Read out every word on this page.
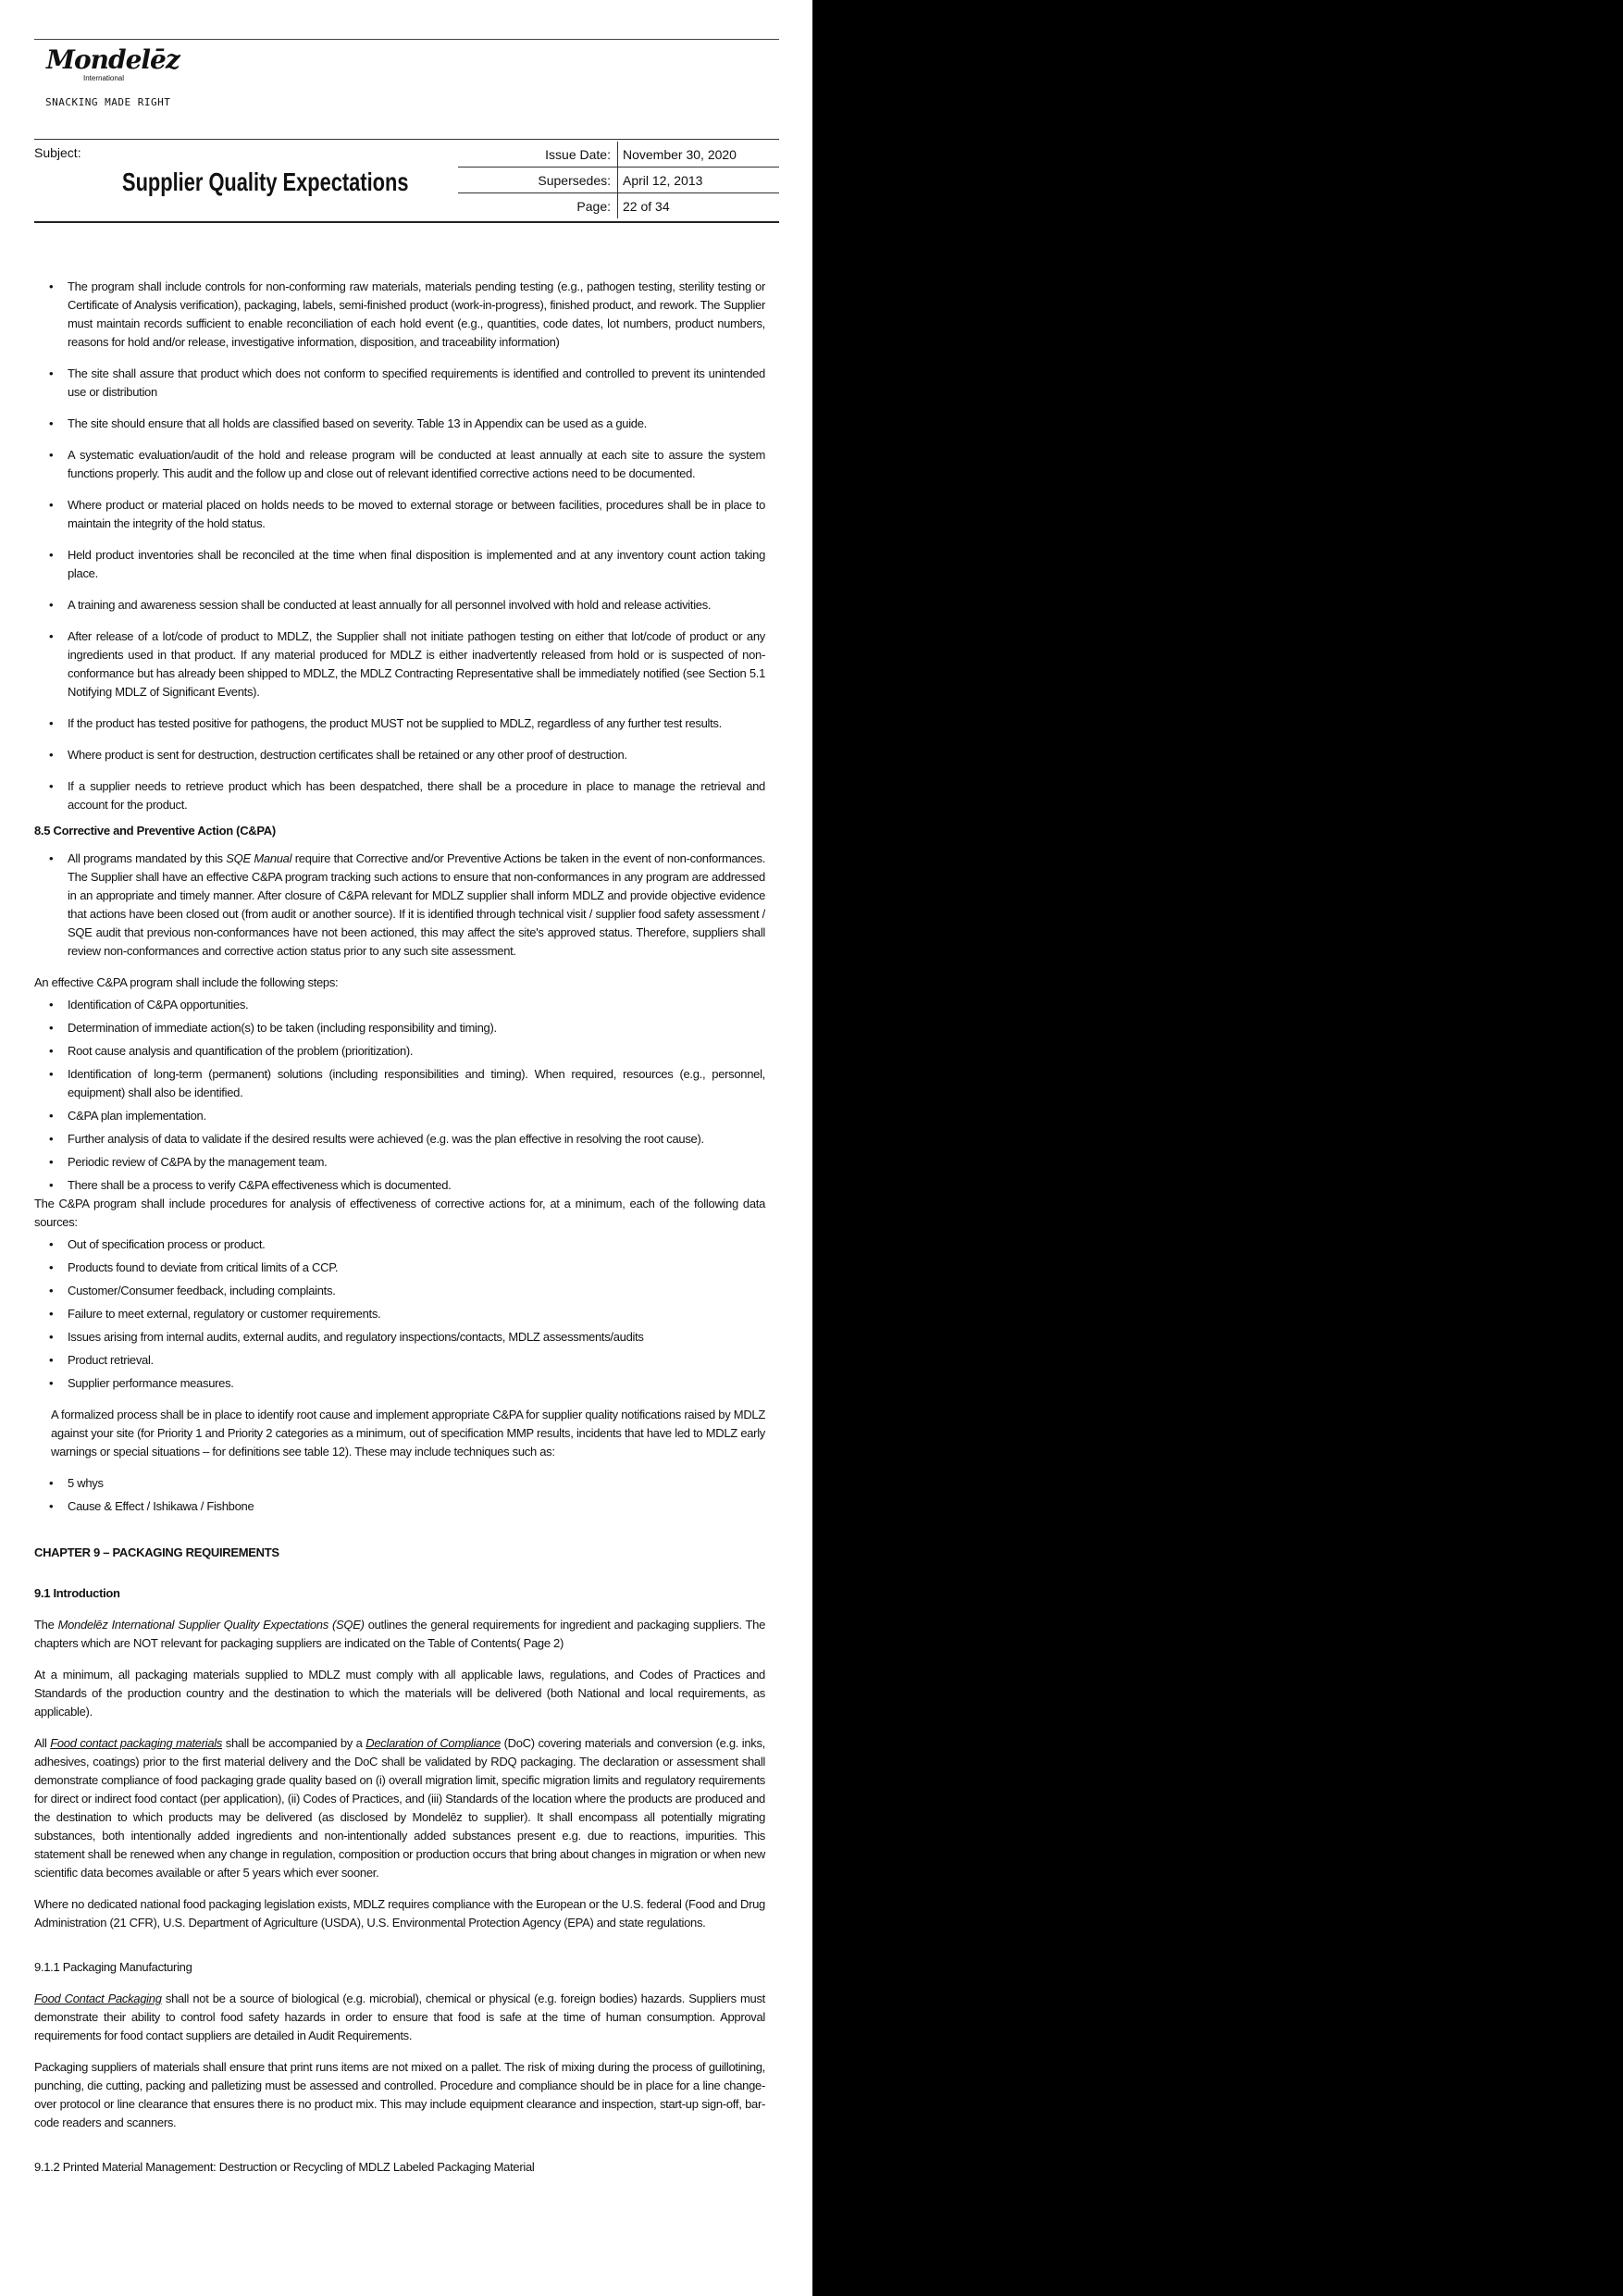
Mondelēz
International
SNACKING MADE RIGHT
Subject:
Supplier Quality Expectations
Issue Date: November 30, 2020
Supersedes: April 12, 2013
Page: 22 of 34
• The program shall include controls for non-conforming raw materials, materials pending testing (e.g., pathogen testing, sterility testing or Certificate of Analysis verification), packaging, labels, semi-finished product (work-in-progress), finished product, and rework. The Supplier must maintain records sufficient to enable reconciliation of each hold event (e.g., quantities, code dates, lot numbers, product numbers, reasons for hold and/or release, investigative information, disposition, and traceability information)
• The site shall assure that product which does not conform to specified requirements is identified and controlled to prevent its unintended use or distribution
• The site should ensure that all holds are classified based on severity. Table 13 in Appendix can be used as a guide.
• A systematic evaluation/audit of the hold and release program will be conducted at least annually at each site to assure the system functions properly. This audit and the follow up and close out of relevant identified corrective actions need to be documented.
• Where product or material placed on holds needs to be moved to external storage or between facilities, procedures shall be in place to maintain the integrity of the hold status.
• Held product inventories shall be reconciled at the time when final disposition is implemented and at any inventory count action taking place.
• A training and awareness session shall be conducted at least annually for all personnel involved with hold and release activities.
• After release of a lot/code of product to MDLZ, the Supplier shall not initiate pathogen testing on either that lot/code of product or any ingredients used in that product. If any material produced for MDLZ is either inadvertently released from hold or is suspected of non-conformance but has already been shipped to MDLZ, the MDLZ Contracting Representative shall be immediately notified (see Section 5.1 Notifying MDLZ of Significant Events).
• If the product has tested positive for pathogens, the product MUST not be supplied to MDLZ, regardless of any further test results.
• Where product is sent for destruction, destruction certificates shall be retained or any other proof of destruction.
• If a supplier needs to retrieve product which has been despatched, there shall be a procedure in place to manage the retrieval and account for the product.
8.5 Corrective and Preventive Action (C&PA)
• All programs mandated by this SQE Manual require that Corrective and/or Preventive Actions be taken in the event of non-conformances. The Supplier shall have an effective C&PA program tracking such actions to ensure that non-conformances in any program are addressed in an appropriate and timely manner. After closure of C&PA relevant for MDLZ supplier shall inform MDLZ and provide objective evidence that actions have been closed out (from audit or another source). If it is identified through technical visit / supplier food safety assessment / SQE audit that previous non-conformances have not been actioned, this may affect the site's approved status. Therefore, suppliers shall review non-conformances and corrective action status prior to any such site assessment.

An effective C&PA program shall include the following steps:

• Identification of C&PA opportunities.
• Determination of immediate action(s) to be taken (including responsibility and timing).
• Root cause analysis and quantification of the problem (prioritization).
• Identification of long-term (permanent) solutions (including responsibilities and timing). When required, resources (e.g., personnel, equipment) shall also be identified.
• C&PA plan implementation.
• Further analysis of data to validate if the desired results were achieved (e.g. was the plan effective in resolving the root cause).
• Periodic review of C&PA by the management team.
• There shall be a process to verify C&PA effectiveness which is documented.

The C&PA program shall include procedures for analysis of effectiveness of corrective actions for, at a minimum, each of the following data sources:

• Out of specification process or product.
• Products found to deviate from critical limits of a CCP.
• Customer/Consumer feedback, including complaints.
• Failure to meet external, regulatory or customer requirements.
• Issues arising from internal audits, external audits, and regulatory inspections/contacts, MDLZ assessments/audits
• Product retrieval.
• Supplier performance measures.

A formalized process shall be in place to identify root cause and implement appropriate C&PA for supplier quality notifications raised by MDLZ against your site (for Priority 1 and Priority 2 categories as a minimum, out of specification MMP results, incidents that have led to MDLZ early warnings or special situations – for definitions see table 12). These may include techniques such as:

• 5 whys
• Cause & Effect / Ishikawa / Fishbone
CHAPTER 9 – PACKAGING REQUIREMENTS
9.1 Introduction

The Mondelēz International Supplier Quality Expectations (SQE) outlines the general requirements for ingredient and packaging suppliers. The chapters which are NOT relevant for packaging suppliers are indicated on the Table of Contents( Page 2)

At a minimum, all packaging materials supplied to MDLZ must comply with all applicable laws, regulations, and Codes of Practices and Standards of the production country and the destination to which the materials will be delivered (both National and local requirements, as applicable).

All Food contact packaging materials shall be accompanied by a Declaration of Compliance (DoC) covering materials and conversion (e.g. inks, adhesives, coatings) prior to the first material delivery and the DoC shall be validated by RDQ packaging. The declaration or assessment shall demonstrate compliance of food packaging grade quality based on (i) overall migration limit, specific migration limits and regulatory requirements for direct or indirect food contact (per application), (ii) Codes of Practices, and (iii) Standards of the location where the products are produced and the destination to which products may be delivered (as disclosed by Mondelēz to supplier). It shall encompass all potentially migrating substances, both intentionally added ingredients and non-intentionally added substances present e.g. due to reactions, impurities. This statement shall be renewed when any change in regulation, composition or production occurs that bring about changes in migration or when new scientific data becomes available or after 5 years which ever sooner.

Where no dedicated national food packaging legislation exists, MDLZ requires compliance with the European or the U.S. federal (Food and Drug Administration (21 CFR), U.S. Department of Agriculture (USDA), U.S. Environmental Protection Agency (EPA) and state regulations.

9.1.1 Packaging Manufacturing

Food Contact Packaging shall not be a source of biological (e.g. microbial), chemical or physical (e.g. foreign bodies) hazards. Suppliers must demonstrate their ability to control food safety hazards in order to ensure that food is safe at the time of human consumption. Approval requirements for food contact suppliers are detailed in Audit Requirements.

Packaging suppliers of materials shall ensure that print runs items are not mixed on a pallet. The risk of mixing during the process of guillotining, punching, die cutting, packing and palletizing must be assessed and controlled. Procedure and compliance should be in place for a line change-over protocol or line clearance that ensures there is no product mix. This may include equipment clearance and inspection, start-up sign-off, bar-code readers and scanners.

9.1.2 Printed Material Management: Destruction or Recycling of MDLZ Labeled Packaging Material
